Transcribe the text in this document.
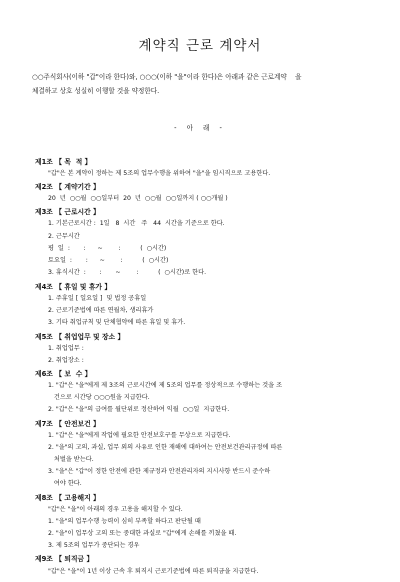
계약직 근로 계약서
○○주식회사(이하 "갑"이라 한다)와, ○○○(이하 "을"이라 한다)은 아래과 같은 근로계약    을
체결하고 상호 성실히 이행할 것을 약정한다.
- 아 래 -
제1조 【 목  적 】
"갑"은 본 계약이 정하는 제 5조의 업무수행을 위하여 "을"을 임시직으로 고용한다.
제2조 【 계약기간 】
20  년  ○○월  ○○일부터  20  년  ○○월  ○○일까지 ( ○○개월 )
제3조 【 근로시간 】
1. 기본근로시간 :  1일   8  시간   주   44  시간을 기준으로 한다.
2. 근무시간
평  일  :       :      ~        :          (  ○시간)
토요일  :       :      ~        :          (  ○시간)
3. 휴식시간  :       :       ~        :          (  ○시간)로 한다.
제4조 【 휴일 및 휴가 】
1. 주휴일 [ 일요일 ]  및 법정 공휴일
2. 근로기준법에 따른 연월차, 생리휴가
3. 기타 취업규칙 및 단체협약에 따른 휴일 및 휴가.
제5조 【 취업업무 및 장소 】
1. 취업업무 :
2. 취업장소 :
제6조 【 보  수 】
1. "갑"은 "을"에게 제 3조의 근로시간에 제 5조의 업무를 정상적으로 수행하는 것을 조
건으로 시간당 ○○○원을 지급한다.
2. "갑"은 "을"의 급여를 월단위로 정산하여 익월  ○○일  지급한다.
제7조 【 안전보건 】
1. "갑"은 "을"에게 작업에 필요한 안전보호구를 무상으로 지급한다.
2. "을"의 고의, 과실, 업무 외의 사유로 인한 재해에 대하여는 안전보건관리규정에 따른
처벌을 받는다.
3. "을"은 "갑"이 정한 안전에 관한 제규정과 안전관리자의 지시사항 반드시 준수하
여야 한다.
제8조 【 고용해지 】
"갑"은 "을"이 아래의 경우 고용을 해지할 수 있다.
1. "을"의 업무수행 능력이 심히 부족할 하다고 판단될 때
2. "을"이 업무상 고의 또는 중대한 과실로 "갑"에게 손해를 끼쳤을 때.
3. 제 5조의 업무가 중단되는 경우
제9조 【 퇴직금 】
"갑"은 "을"이 1년 이상 근속 후 퇴직시 근로기준법에 따른 퇴직금을 지급한다.
